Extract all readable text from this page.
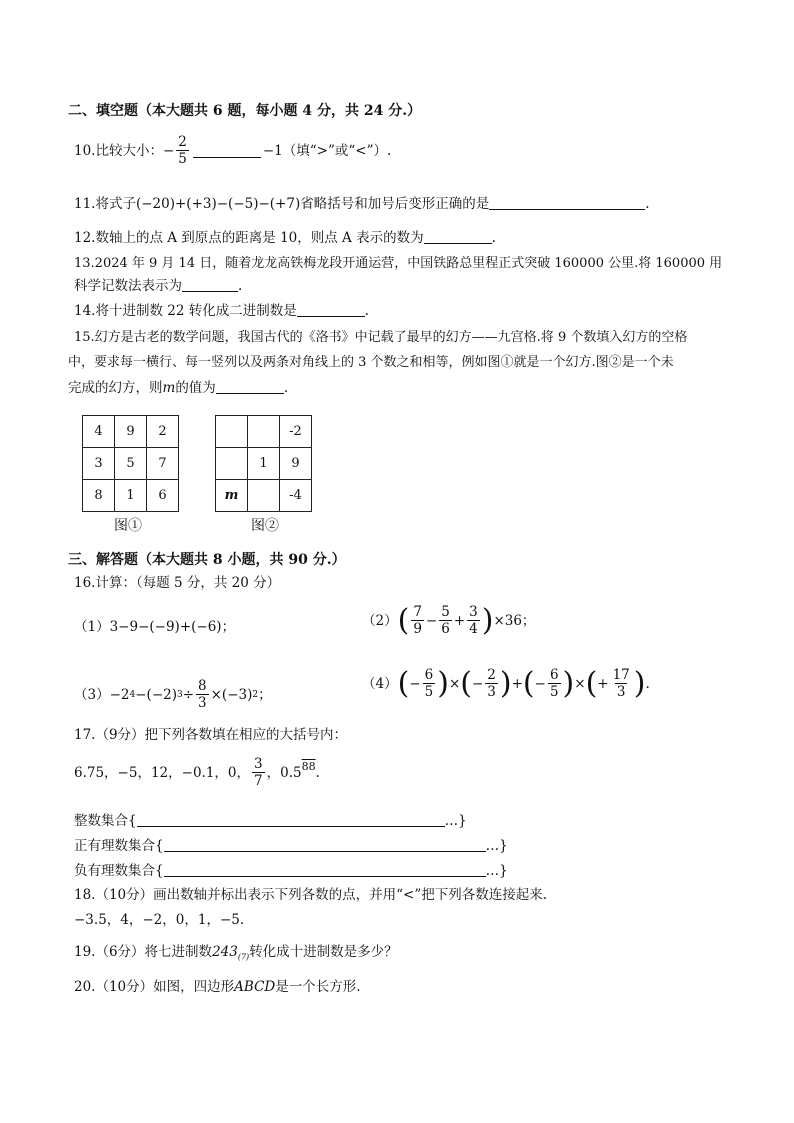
二、填空题（本大题共 6 题，每小题 4 分，共 24 分.）
10.比较大小：− $\frac{2}{5}$	−1（填“>”或“<”）.
11.将式子(−20)+(+3)−(−5)−(+7)省略括号和加号后变形正确的是	.
12.数轴上的点 A 到原点的距离是 10，则点 A 表示的数为	.
13.2024 年 9 月 14 日，随着龙龙高铁梅龙段开通运营，中国铁路总里程正式突破 160000 公里.将 160000 用
科学记数法表示为	.
14.将十进制数 22 转化成二进制数是	.
15.幻方是古老的数学问题，我国古代的《洛书》中记载了最早的幻方——九宫格.将 9 个数填入幻方的空格
中，要求每一横行、每一竖列以及两条对角线上的 3 个数之和相等，例如图①就是一个幻方.图②是一个未
完成的幻方，则m的值为	.
4	9	2
3	5	7
8	1	6
图①
		-2
	1	9
m		-4
图②
三、解答题（本大题共 8 小题，共 90 分.）
16.计算：（每题 5 分，共 20 分）
（1）3−9−(−9)+(−6)；	（2） ( $\frac{7}{9} - \frac{5}{6} + \frac{3}{4}$ ) ×36；
（3） −2 4 −(−2) $3 \div \frac{8}{3} \times(-3)$ 2 ；
（4） ( − $\frac{6}{5}$ ) × ( − $\frac{2}{3}$ ) + ( − $\frac{6}{5}$ ) × ( + $\frac{17}{3}$ ) .
17.（9分）把下列各数填在相应的大括号内：
6.75，−5，12，−0.1，0， $\frac{3}{7}$ ，0.5 88 .
整数集合{	…}
正有理数集合{	…}
负有理数集合{	…}
18.（10分）画出数轴并标出表示下列各数的点，并用“<”把下列各数连接起来.
−3.5，4，−2，0，1，−5.
19.（6分）将七进制数$243_{(7)}$转化成十进制数是多少？
20.（10分）如图，四边形ABCD是一个长方形.
